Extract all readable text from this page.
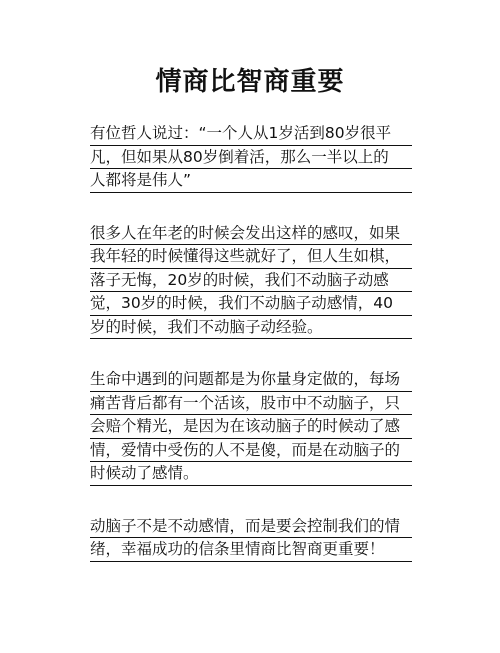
情商比智商重要
有位哲人说过：“一个人从1岁活到80岁很平
凡，但如果从80岁倒着活，那么一半以上的
人都将是伟人”
很多人在年老的时候会发出这样的感叹，如果
我年轻的时候懂得这些就好了，但人生如棋，
落子无悔，20岁的时候，我们不动脑子动感
觉，30岁的时候，我们不动脑子动感情，40
岁的时候，我们不动脑子动经验。
生命中遇到的问题都是为你量身定做的，每场
痛苦背后都有一个活该，股市中不动脑子，只
会赔个精光，是因为在该动脑子的时候动了感
情，爱情中受伤的人不是傻，而是在动脑子的
时候动了感情。
动脑子不是不动感情，而是要会控制我们的情
绪，幸福成功的信条里情商比智商更重要！
